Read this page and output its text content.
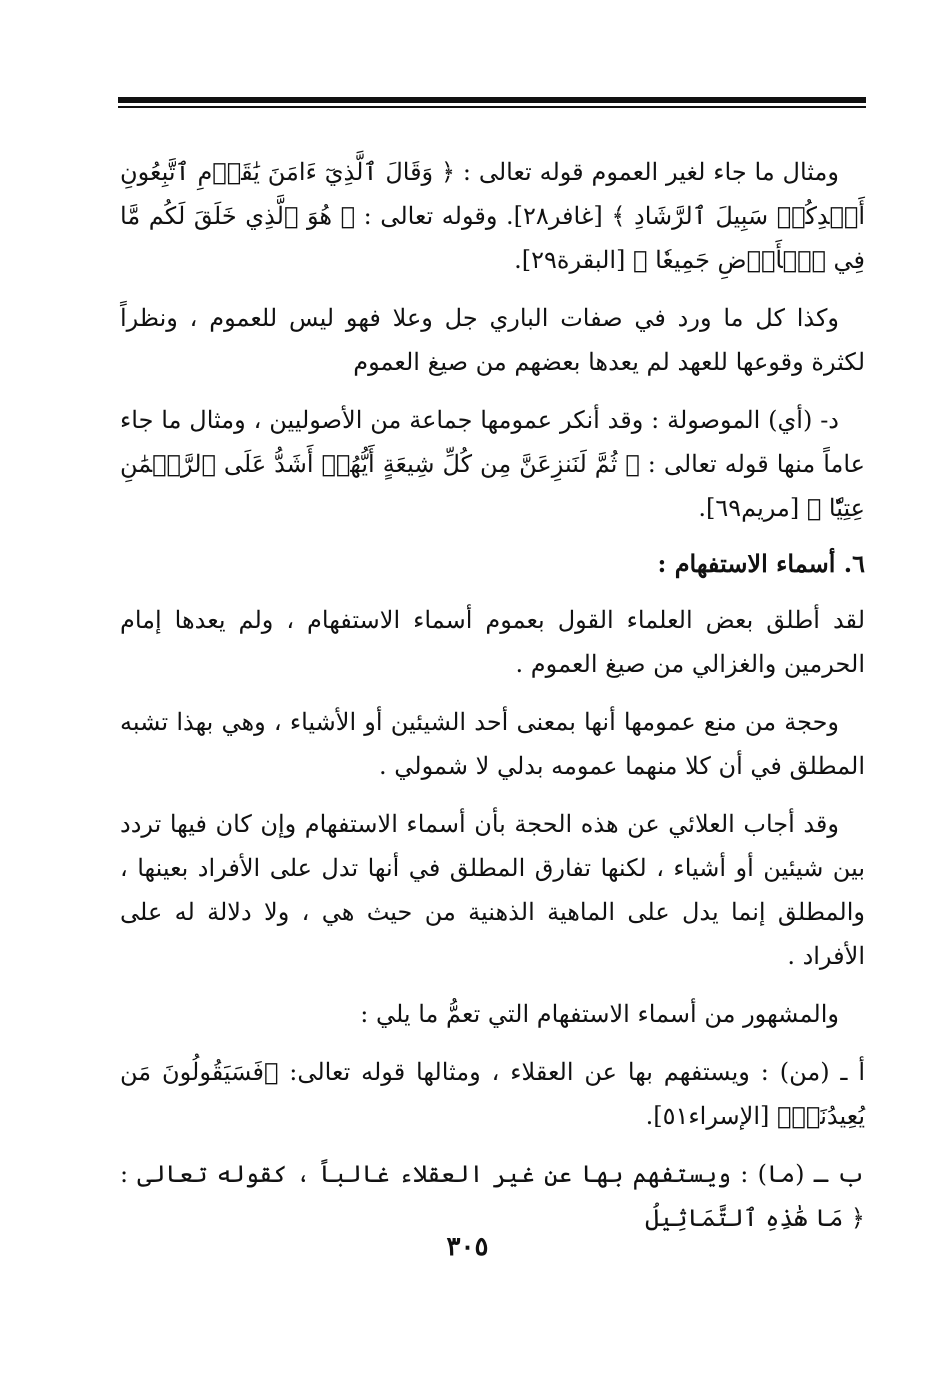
ومثال ما جاء لغير العموم قوله تعالى : ﴿ وَقَالَ ٱلَّذِيٓ ءَامَنَ يَٰقَوۡمِ ٱتَّبِعُونِ أَهۡدِكُمۡ سَبِيلَ ٱلرَّشَادِ ﴾ [غافر٢٨]. وقوله تعالى : ﴿ هُوَ ٱلَّذِي خَلَقَ لَكُم مَّا فِي ٱلۡأَرۡضِ جَمِيعٗا ﴾ [البقرة٢٩].

وكذا كل ما ورد في صفات الباري جل وعلا فهو ليس للعموم ، ونظراً لكثرة وقوعها للعهد لم يعدها بعضهم من صيغ العموم

د- (أي) الموصولة : وقد أنكر عمومها جماعة من الأصوليين ، ومثال ما جاء عاماً منها قوله تعالى : ﴿ ثُمَّ لَنَنزِعَنَّ مِن كُلِّ شِيعَةٍ أَيُّهُمۡ أَشَدُّ عَلَى ٱلرَّحۡمَٰنِ عِتِيّٗا ﴾ [مريم٦٩].

٦. أسماء الاستفهام :

لقد أطلق بعض العلماء القول بعموم أسماء الاستفهام ، ولم يعدها إمام الحرمين والغزالي من صيغ العموم .

وحجة من منع عمومها أنها بمعنى أحد الشيئين أو الأشياء ، وهي بهذا تشبه المطلق في أن كلا منهما عمومه بدلي لا شمولي .

وقد أجاب العلائي عن هذه الحجة بأن أسماء الاستفهام وإن كان فيها تردد بين شيئين أو أشياء ، لكنها تفارق المطلق في أنها تدل على الأفراد بعينها ، والمطلق إنما يدل على الماهية الذهنية من حيث هي ، ولا دلالة له على الأفراد .

والمشهور من أسماء الاستفهام التي تعمُّ ما يلي :

أ ـ (من) : ويستفهم بها عن العقلاء ، ومثالها قوله تعالى: ﴿فَسَيَقُولُونَ مَن يُعِيدُنَاۖ﴾ [الإسراء٥١].

ب ـ (ما) : ويستفهم بها عن غير العقلاء غالباً ، كقوله تعالى : ﴿ مَا هَٰذِهِ ٱلتَّمَاثِيلُ

٣٠٥
